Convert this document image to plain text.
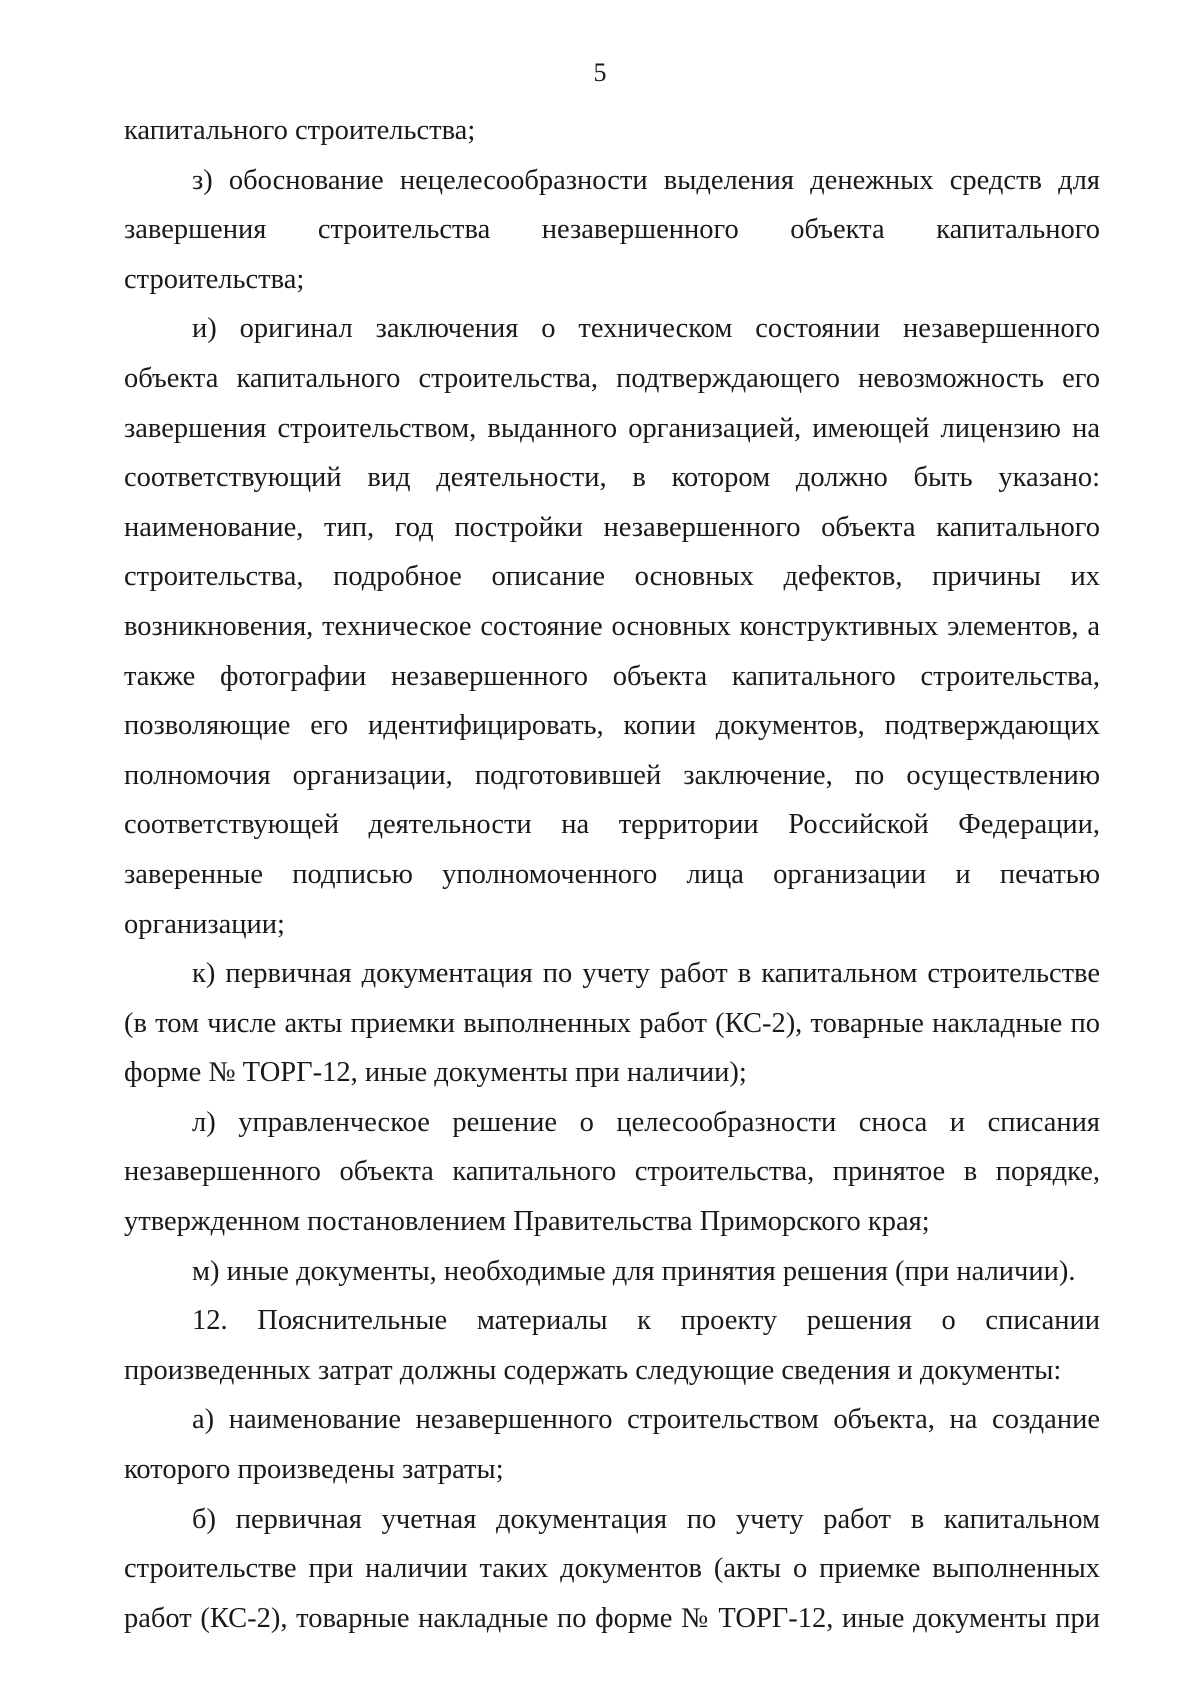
5

капитального строительства;

з) обоснование нецелесообразности выделения денежных средств для завершения строительства незавершенного объекта капитального строительства;

и) оригинал заключения о техническом состоянии незавершенного объекта капитального строительства, подтверждающего невозможность его завершения строительством, выданного организацией, имеющей лицензию на соответствующий вид деятельности, в котором должно быть указано: наименование, тип, год постройки незавершенного объекта капитального строительства, подробное описание основных дефектов, причины их возникновения, техническое состояние основных конструктивных элементов, а также фотографии незавершенного объекта капитального строительства, позволяющие его идентифицировать, копии документов, подтверждающих полномочия организации, подготовившей заключение, по осуществлению соответствующей деятельности на территории Российской Федерации, заверенные подписью уполномоченного лица организации и печатью организации;

к) первичная документация по учету работ в капитальном строительстве (в том числе акты приемки выполненных работ (КС-2), товарные накладные по форме № ТОРГ-12, иные документы при наличии);

л) управленческое решение о целесообразности сноса и списания незавершенного объекта капитального строительства, принятое в порядке, утвержденном постановлением Правительства Приморского края;

м) иные документы, необходимые для принятия решения (при наличии).

12. Пояснительные материалы к проекту решения о списании произведенных затрат должны содержать следующие сведения и документы:

а) наименование незавершенного строительством объекта, на создание которого произведены затраты;

б) первичная учетная документация по учету работ в капитальном строительстве при наличии таких документов (акты о приемке выполненных работ (КС-2), товарные накладные по форме № ТОРГ-12, иные документы при
